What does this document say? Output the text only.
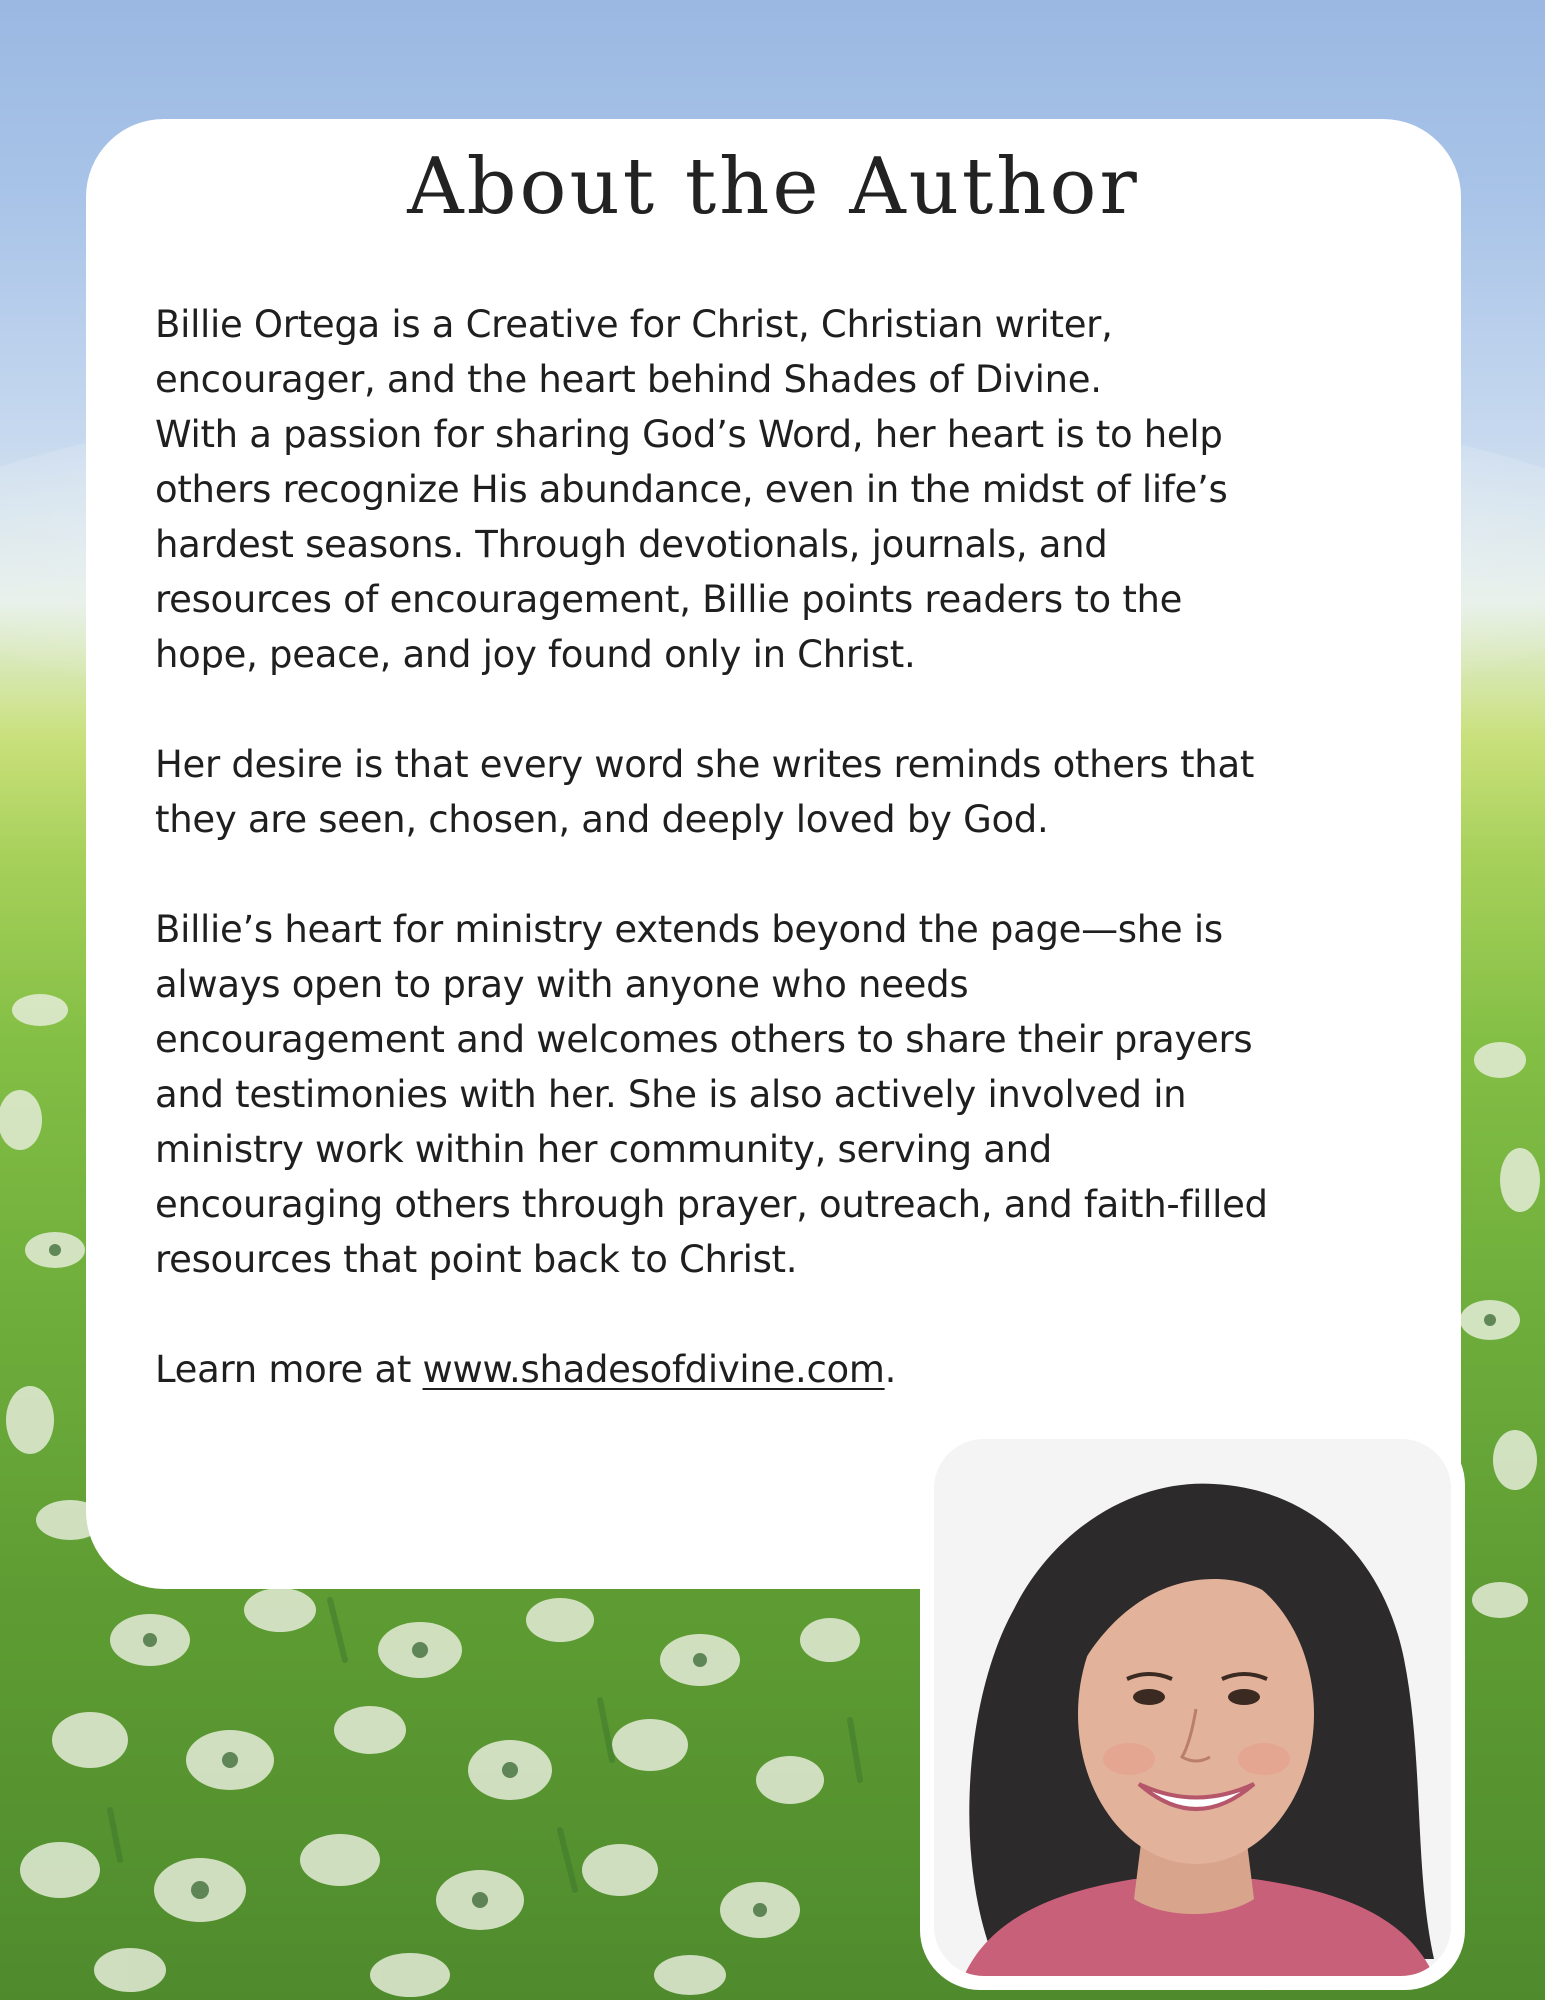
About the Author

Billie Ortega is a Creative for Christ, Christian writer,
encourager, and the heart behind Shades of Divine.
With a passion for sharing God’s Word, her heart is to help
others recognize His abundance, even in the midst of life’s
hardest seasons. Through devotionals, journals, and
resources of encouragement, Billie points readers to the
hope, peace, and joy found only in Christ.

Her desire is that every word she writes reminds others that
they are seen, chosen, and deeply loved by God.

Billie’s heart for ministry extends beyond the page—she is
always open to pray with anyone who needs
encouragement and welcomes others to share their prayers
and testimonies with her. She is also actively involved in
ministry work within her community, serving and
encouraging others through prayer, outreach, and faith-filled
resources that point back to Christ.

Learn more at www.shadesofdivine.com.
